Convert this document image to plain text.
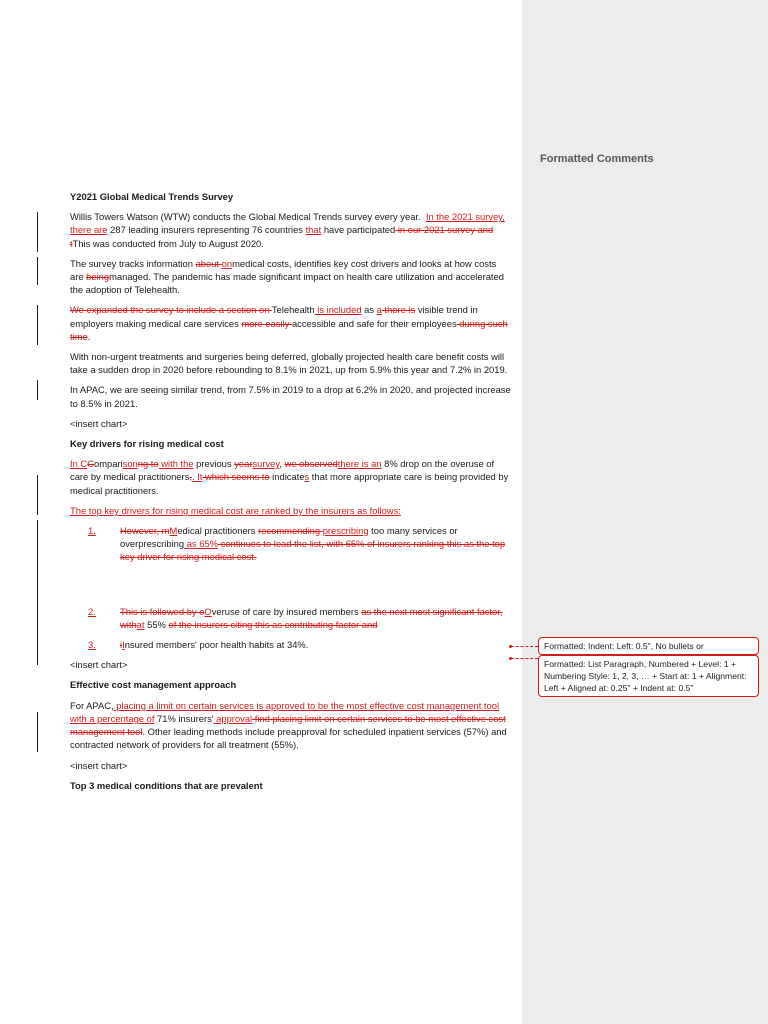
Y2021 Global Medical Trends Survey

Willis Towers Watson (WTW) conducts the Global Medical Trends survey every year. In the 2021 survey, there are 287 leading insurers representing 76 countries that have participated in our 2021 survey and tThis was conducted from July to August 2020.

The survey tracks information about onmedical costs, identifies key cost drivers and looks at how costs are beingmanaged. The pandemic has made significant impact on health care utilization and accelerated the adoption of Telehealth.

We expanded the survey to include a section on Telehealth is included as a there is visible trend in employers making medical care services more easily accessible and safe for their employees during such time.

With non-urgent treatments and surgeries being deferred, globally projected health care benefit costs will take a sudden drop in 2020 before rebounding to 8.1% in 2021, up from 5.9% this year and 7.2% in 2019.

In APAC, we are seeing similar trend, from 7.5% in 2019 to a drop at 6.2% in 2020, and projected increase to 8.5% in 2021.

<insert chart>

Key drivers for rising medical cost

In CComparisonng to with the previous yearsurvey, we observedthere is an 8% drop on the overuse of care by medical practitioners,. It which seems to indicates that more appropriate care is being provided by medical practitioners.

The top key drivers for rising medical cost are ranked by the insurers as follows:

1.	However, mMedical practitioners recommending prescribing too many services or overprescribing as 65% continues to lead the list, with 65% of insurers ranking this as the top key driver for rising medical cost.
2.	This is followed by oOveruse of care by insured members as the next most significant factor, withat 55% of the insurers citing this as contributing factor and
3.	iInsured members' poor health habits at 34%.

<insert chart>

Effective cost management approach

For APAC, placing a limit on certain services is approved to be the most effective cost management tool with a percentage of 71% insurers' approval find placing limit on certain services to be most effective cost management tool. Other leading methods include preapproval for scheduled inpatient services (57%) and contracted network of providers for all treatment (55%).

<insert chart>

Top 3 medical conditions that are prevalent

Formatted Comments
Formatted: Indent: Left: 0.5", No bullets or
Formatted: List Paragraph, Numbered + Level: 1 + Numbering Style: 1, 2, 3, … + Start at: 1 + Alignment: Left + Aligned at: 0.25" + Indent at: 0.5"
